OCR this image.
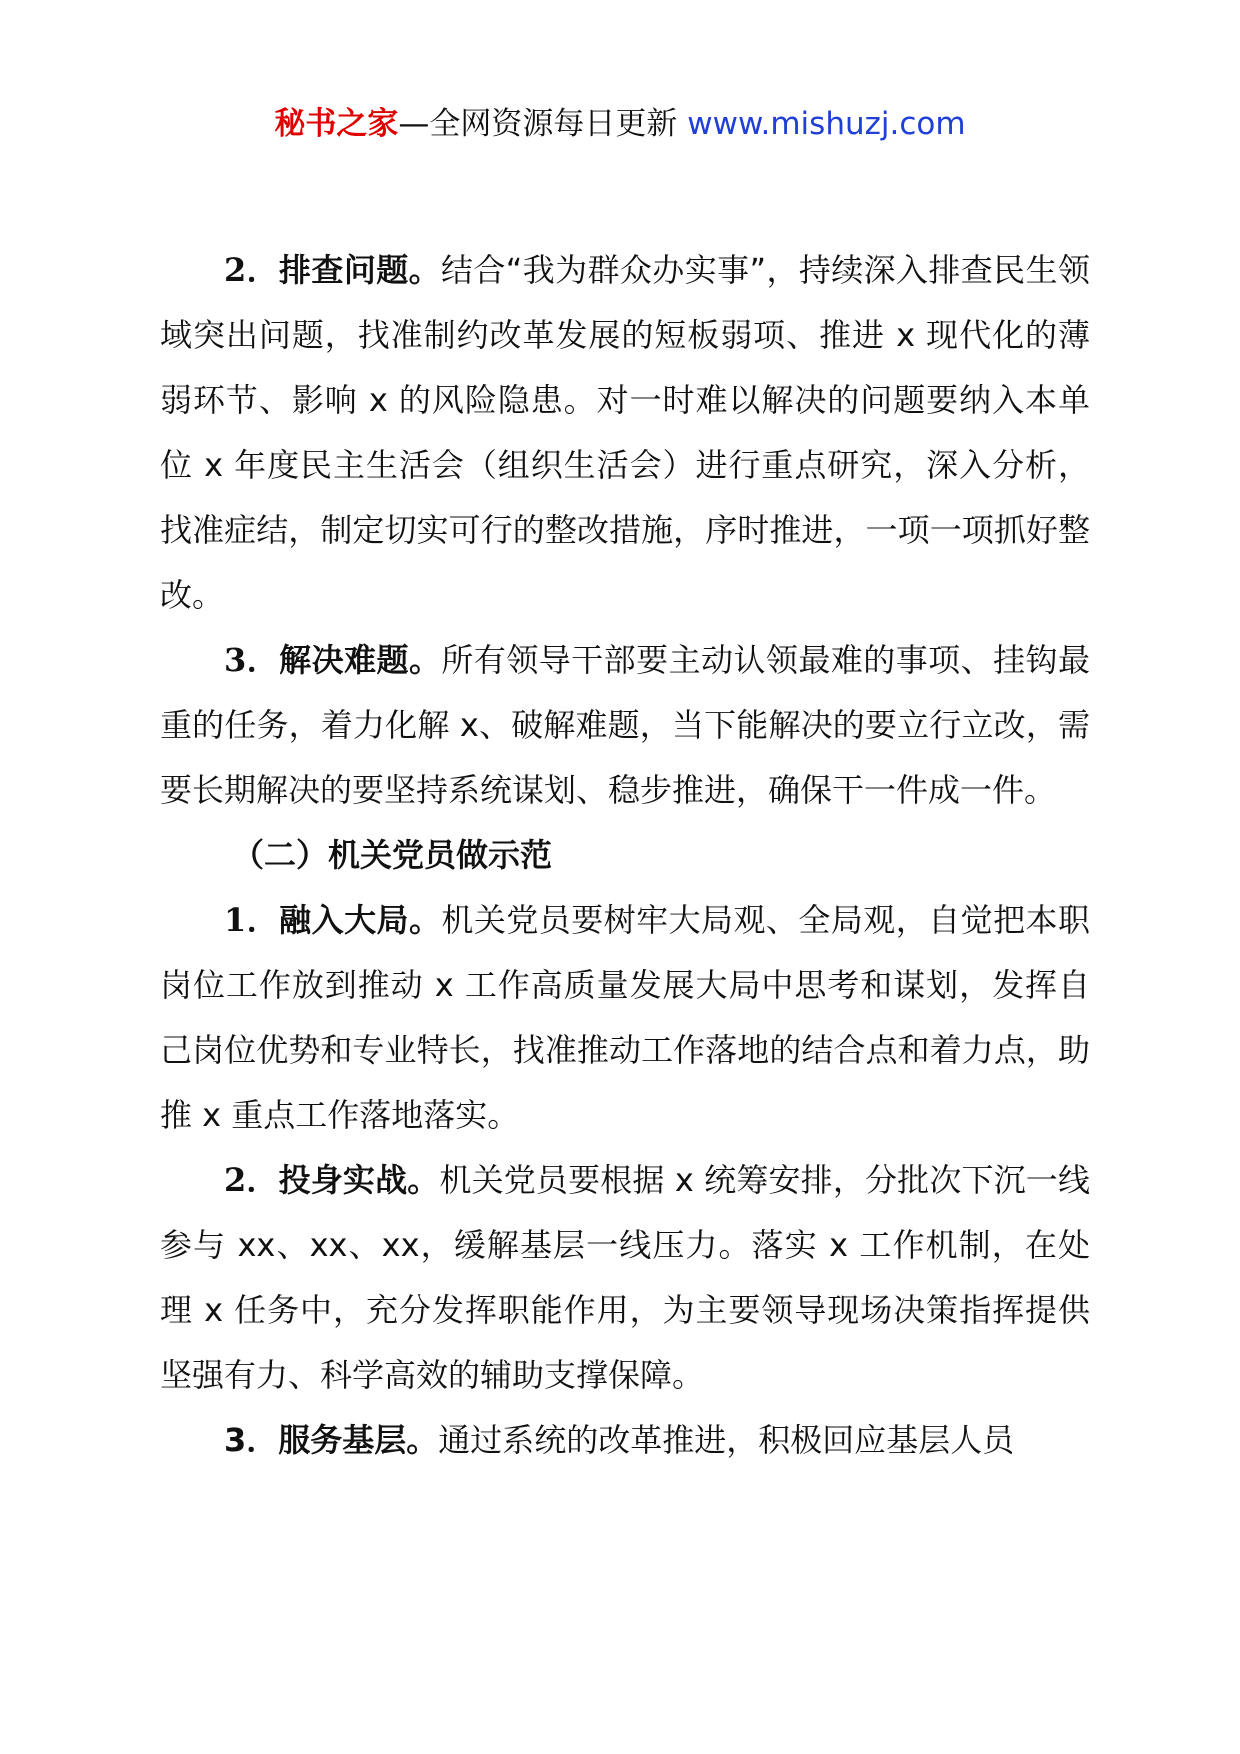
秘书之家—全网资源每日更新 www.mishuzj.com

2．排查问题。结合“我为群众办实事”，持续深入排查民生领域突出问题，找准制约改革发展的短板弱项、推进 x 现代化的薄弱环节、影响 x 的风险隐患。对一时难以解决的问题要纳入本单位 x 年度民主生活会（组织生活会）进行重点研究，深入分析，找准症结，制定切实可行的整改措施，序时推进，一项一项抓好整改。

3．解决难题。所有领导干部要主动认领最难的事项、挂钩最重的任务，着力化解 x、破解难题，当下能解决的要立行立改，需要长期解决的要坚持系统谋划、稳步推进，确保干一件成一件。

（二）机关党员做示范

1．融入大局。机关党员要树牢大局观、全局观，自觉把本职岗位工作放到推动 x 工作高质量发展大局中思考和谋划，发挥自己岗位优势和专业特长，找准推动工作落地的结合点和着力点，助推 x 重点工作落地落实。

2．投身实战。机关党员要根据 x 统筹安排，分批次下沉一线参与 xx、xx、xx，缓解基层一线压力。落实 x 工作机制，在处理 x 任务中，充分发挥职能作用，为主要领导现场决策指挥提供坚强有力、科学高效的辅助支撑保障。

3．服务基层。通过系统的改革推进，积极回应基层人员
